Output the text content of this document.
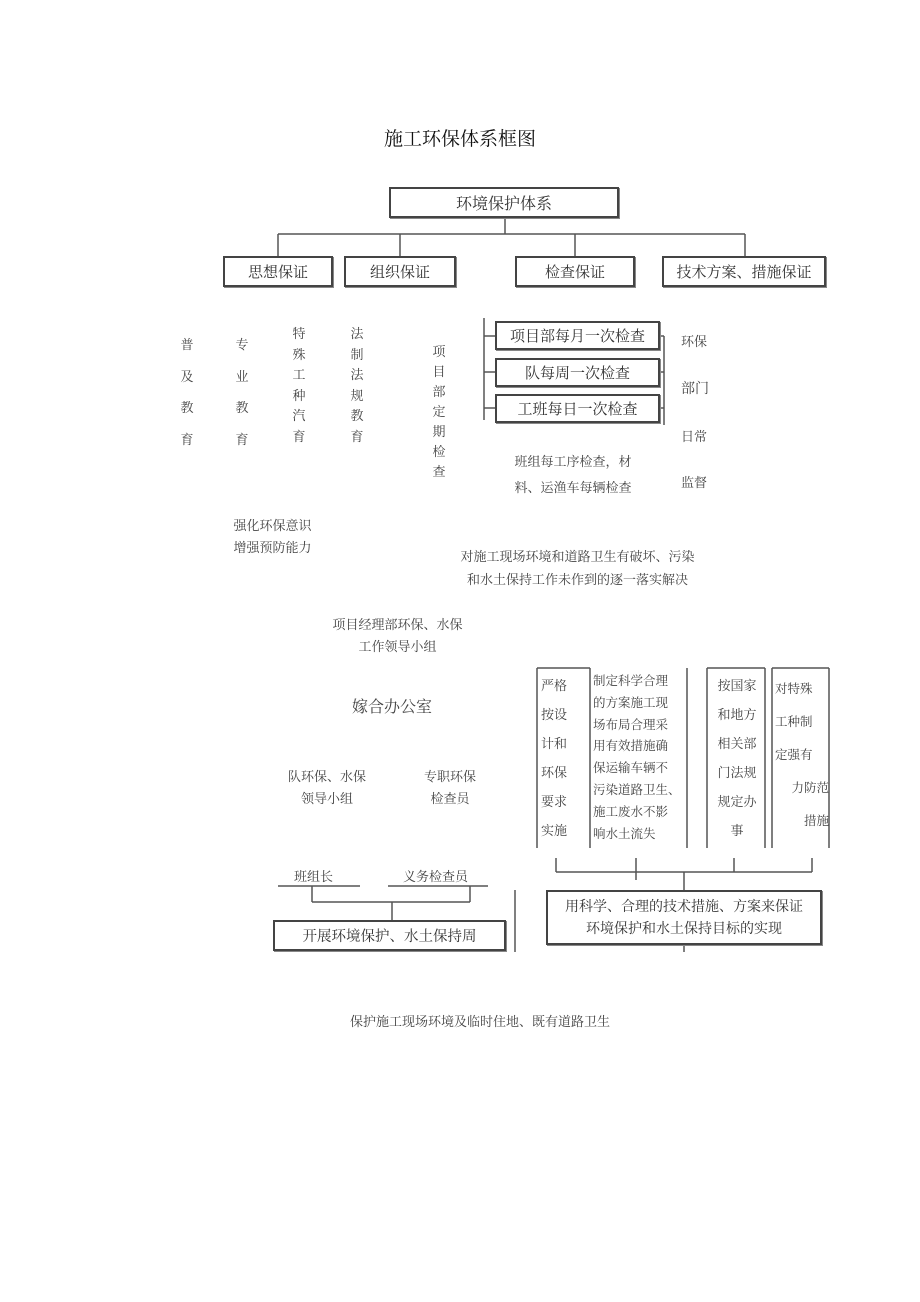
施工环保体系框图
环境保护体系
思想保证	组织保证	检查保证	技术方案、措施保证
普
及
教
育
专
业
教
育
特
殊
工
种
汽
育
法
制
法
规
教
育
项
目
部
定
期
检
查
项目部每月一次检查
队每周一次检查
工班每日一次检查
班组每工序检查，材
料、运渔车每辆检查
环保
部门
日常
监督
强化环保意识
增强预防能力
对施工现场环境和道路卫生有破坏、污染
和水土保持工作未作到的逐一落实解决
项目经理部环保、水保
工作领导小组
嫁合办公室
队环保、水保
领导小组
专职环保
检查员
严格
按设
计和
环保
要求
实施
制定科学合理
的方案施工现
场布局合理采
用有效措施确
保运输车辆不
污染道路卫生、
施工废水不影
响水土流失
按国家
和地方
相关部
门法规
规定办
事
对特殊
工种制
定强有
力防范
措施
班组长	义务检查员
开展环境保护、水土保持周
用科学、合理的技术措施、方案来保证
环境保护和水土保持目标的实现
保护施工现场环境及临时住地、既有道路卫生
